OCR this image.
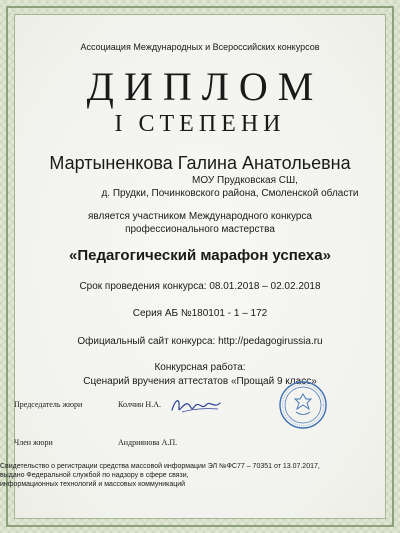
Ассоциация Международных и Всероссийских конкурсов
ДИПЛОМ
I СТЕПЕНИ
Мартыненкова Галина Анатольевна
МОУ Прудковская СШ,
д. Прудки, Починковского района, Смоленской области
является участником Международного конкурса
профессионального мастерства
«Педагогический марафон успеха»
Срок проведения конкурса: 08.01.2018 – 02.02.2018
Серия АБ №180101 - 1 – 172
Официальный сайт конкурса: http://pedagogirussia.ru
Конкурсная работа:
Сценарий вручения аттестатов «Прощай 9 класс»
Председатель жюри	Колчин Н.А.
Член жюри	Андриянова А.П.
Свидетельство о регистрации средства массовой информации ЭЛ №ФС77 – 70351 от 13.07.2017,
выдано Федеральной службой по надзору в сфере связи,
информационных технологий и массовых коммуникаций
